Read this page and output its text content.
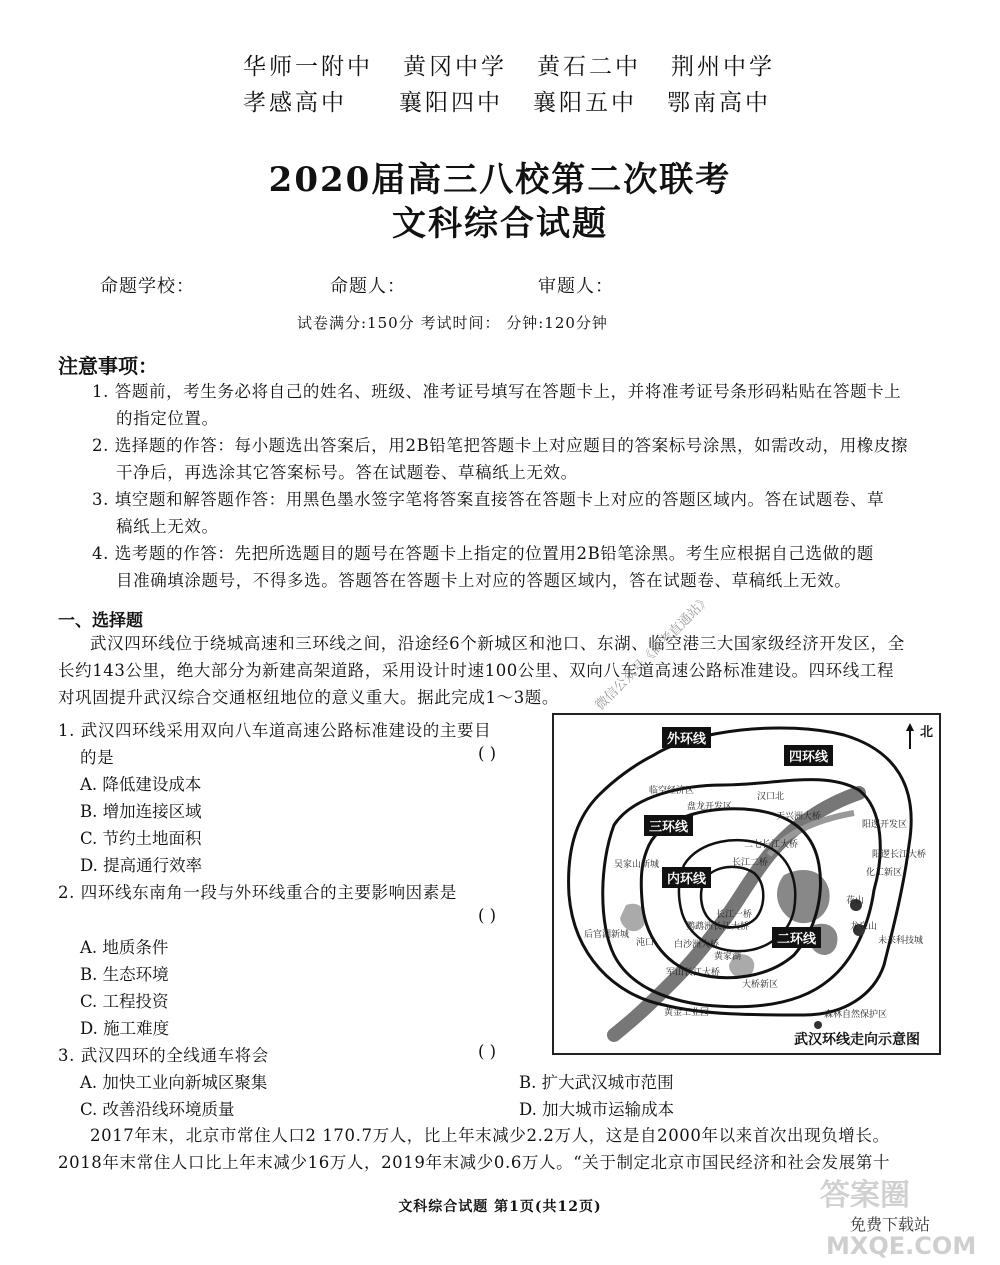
华师一附中 黄冈中学 黄石二中 荆州中学
孝感高中 襄阳四中 襄阳五中 鄂南高中
2020届高三八校第二次联考
文科综合试题
命题学校：	命题人：	审题人：
试卷满分:150分 考试时间： 分钟:120分钟
注意事项：
1. 答题前，考生务必将自己的姓名、班级、准考证号填写在答题卡上，并将准考证号条形码粘贴在答题卡上
的指定位置。
2. 选择题的作答：每小题选出答案后，用2B铅笔把答题卡上对应题目的答案标号涂黑，如需改动，用橡皮擦
干净后，再选涂其它答案标号。答在试题卷、草稿纸上无效。
3. 填空题和解答题作答：用黑色墨水签字笔将答案直接答在答题卡上对应的答题区域内。答在试题卷、草
稿纸上无效。
4. 选考题的作答：先把所选题目的题号在答题卡上指定的位置用2B铅笔涂黑。考生应根据自己选做的题
目准确填涂题号，不得多选。答题答在答题卡上对应的答题区域内，答在试题卷、草稿纸上无效。
一、选择题
武汉四环线位于绕城高速和三环线之间，沿途经6个新城区和池口、东湖、临空港三大国家级经济开发区，全
长约143公里，绝大部分为新建高架道路，采用设计时速100公里、双向八车道高速公路标准建设。四环线工程
对巩固提升武汉综合交通枢纽地位的意义重大。据此完成1～3题。
1. 武汉四环线采用双向八车道高速公路标准建设的主要目
的是	( )
A. 降低建设成本
B. 增加连接区域
C. 节约土地面积
D. 提高通行效率
2. 四环线东南角一段与外环线重合的主要影响因素是
( )
A. 地质条件
B. 生态环境
C. 工程投资
D. 施工难度
3. 武汉四环的全线通车将会	( )
A. 加快工业向新城区聚集	B. 扩大武汉城市范围
C. 改善沿线环境质量	D. 加大城市运输成本
2017年末，北京市常住人口2 170.7万人，比上年末减少2.2万人，这是自2000年以来首次出现负增长。
2018年末常住人口比上年末减少16万人，2019年末减少0.6万人。“关于制定北京市国民经济和社会发展第十
北
外环线
四环线
三环线
内环线
二环线
临空经济区
盘龙开发区
汉口北
阳逻开发区
阳逻长江大桥
化工新区
吴家山新城
后官湖新城
黄金工业园
大桥新区
未来科技城
森林自然保护区
天兴洲大桥
二七长江大桥
长江二桥
长江一桥
鹦鹉洲长江大桥
白沙洲大桥
沌口
黄家湖
花山
龙泉山
军山长江大桥
武汉环线走向示意图
微信公众号《高考直通站》
文科综合试题 第1页(共12页)	答案圈
免费下载站
MXQE.COM
